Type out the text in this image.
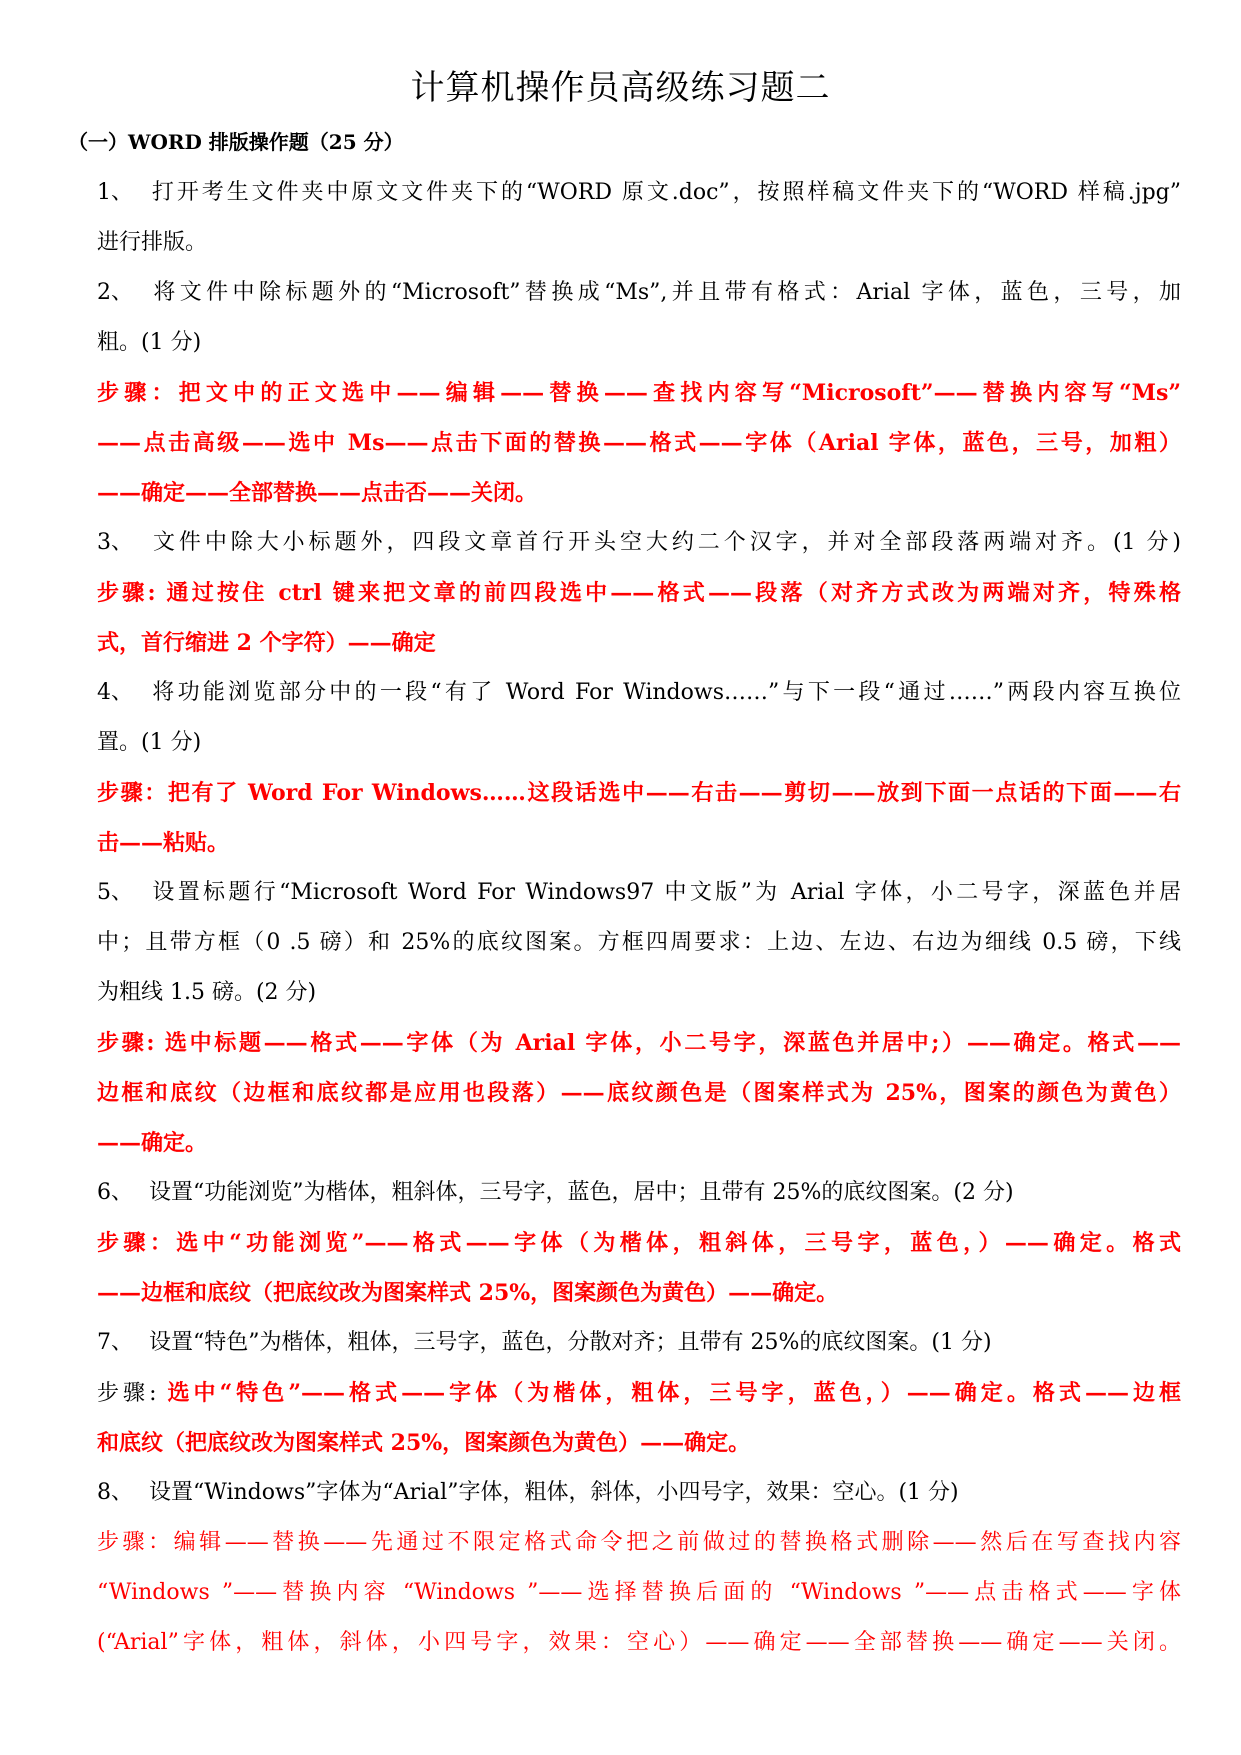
计算机操作员高级练习题二
（一）WORD 排版操作题（25 分）
1、 打开考生文件夹中原文文件夹下的“WORD 原文.doc”，按照样稿文件夹下的“WORD 样稿.jpg”
进行排版。
2、 将文件中除标题外的“Microsoft”替换成“Ms”,并且带有格式：Arial 字体，蓝色，三号，加
粗。(1 分)
步骤：把文中的正文选中——编辑——替换——查找内容写“Microsoft”——替换内容写“Ms”
——点击高级——选中 Ms——点击下面的替换——格式——字体（Arial 字体，蓝色，三号，加粗）
——确定——全部替换——点击否——关闭。
3、 文件中除大小标题外，四段文章首行开头空大约二个汉字，并对全部段落两端对齐。(1 分)
步骤: 通过按住 ctrl 键来把文章的前四段选中——格式——段落（对齐方式改为两端对齐，特殊格
式，首行缩进 2 个字符）——确定
4、 将功能浏览部分中的一段“有了 Word For Windows……”与下一段“通过……”两段内容互换位
置。(1 分)
步骤：把有了 Word For Windows……这段话选中——右击——剪切——放到下面一点话的下面——右
击——粘贴。
5、 设置标题行“Microsoft Word For Windows97 中文版”为 Arial 字体，小二号字，深蓝色并居
中；且带方框（0 .5 磅）和 25%的底纹图案。方框四周要求：上边、左边、右边为细线 0.5 磅，下线
为粗线 1.5 磅。(2 分)
步骤: 选中标题——格式——字体（为 Arial 字体，小二号字，深蓝色并居中;）——确定。格式——
边框和底纹（边框和底纹都是应用也段落）——底纹颜色是（图案样式为 25%，图案的颜色为黄色）
——确定。
6、 设置“功能浏览”为楷体，粗斜体，三号字，蓝色，居中；且带有 25%的底纹图案。(2 分)
步骤：选中“功能浏览”——格式——字体（为楷体，粗斜体，三号字，蓝色，）——确定。格式
——边框和底纹（把底纹改为图案样式 25%，图案颜色为黄色）——确定。
7、 设置“特色”为楷体，粗体，三号字，蓝色，分散对齐；且带有 25%的底纹图案。(1 分)
步骤: 选中“特色”——格式——字体（为楷体，粗体，三号字，蓝色，）——确定。格式——边框
和底纹（把底纹改为图案样式 25%，图案颜色为黄色）——确定。
8、 设置“Windows”字体为“Arial”字体，粗体，斜体，小四号字，效果：空心。(1 分)
步骤：编辑——替换——先通过不限定格式命令把之前做过的替换格式删除——然后在写查找内容
“Windows ”——替换内容 “Windows ”——选择替换后面的 “Windows ”——点击格式——字体
(“Arial”字体，粗体，斜体，小四号字，效果：空心）——确定——全部替换——确定——关闭。
